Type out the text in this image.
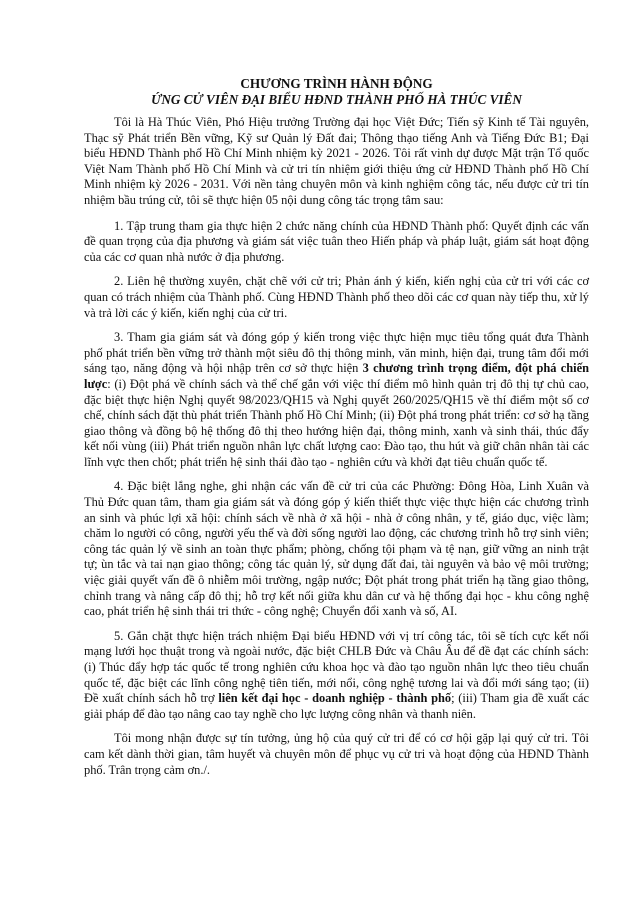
CHƯƠNG TRÌNH HÀNH ĐỘNG
ỨNG CỬ VIÊN ĐẠI BIỂU HĐND THÀNH PHỐ HÀ THÚC VIÊN

Tôi là Hà Thúc Viên, Phó Hiệu trưởng Trường đại học Việt Đức; Tiến sỹ Kinh tế Tài nguyên, Thạc sỹ Phát triển Bền vững, Kỹ sư Quản lý Đất đai; Thông thạo tiếng Anh và Tiếng Đức B1; Đại biểu HĐND Thành phố Hồ Chí Minh nhiệm kỳ 2021 - 2026. Tôi rất vinh dự được Mặt trận Tổ quốc Việt Nam Thành phố Hồ Chí Minh và cử tri tín nhiệm giới thiệu ứng cử HĐND Thành phố Hồ Chí Minh nhiệm kỳ 2026 - 2031. Với nền tảng chuyên môn và kinh nghiệm công tác, nếu được cử tri tín nhiệm bầu trúng cử, tôi sẽ thực hiện 05 nội dung công tác trọng tâm sau:

1. Tập trung tham gia thực hiện 2 chức năng chính của HĐND Thành phố: Quyết định các vấn đề quan trọng của địa phương và giám sát việc tuân theo Hiến pháp và pháp luật, giám sát hoạt động của các cơ quan nhà nước ở địa phương.

2. Liên hệ thường xuyên, chặt chẽ với cử tri; Phản ánh ý kiến, kiến nghị của cử tri với các cơ quan có trách nhiệm của Thành phố. Cùng HĐND Thành phố theo dõi các cơ quan này tiếp thu, xử lý và trả lời các ý kiến, kiến nghị của cử tri.

3. Tham gia giám sát và đóng góp ý kiến trong việc thực hiện mục tiêu tổng quát đưa Thành phố phát triển bền vững trở thành một siêu đô thị thông minh, văn minh, hiện đại, trung tâm đổi mới sáng tạo, năng động và hội nhập trên cơ sở thực hiện 3 chương trình trọng điểm, đột phá chiến lược: (i) Đột phá về chính sách và thể chế gắn với việc thí điểm mô hình quản trị đô thị tự chủ cao, đặc biệt thực hiện Nghị quyết 98/2023/QH15 và Nghị quyết 260/2025/QH15 về thí điểm một số cơ chế, chính sách đặt thù phát triển Thành phố Hồ Chí Minh; (ii) Đột phá trong phát triển: cơ sở hạ tầng giao thông và đồng bộ hệ thống đô thị theo hướng hiện đại, thông minh, xanh và sinh thái, thúc đẩy kết nối vùng (iii) Phát triển nguồn nhân lực chất lượng cao: Đào tạo, thu hút và giữ chân nhân tài các lĩnh vực then chốt; phát triển hệ sinh thái đào tạo - nghiên cứu và khởi đạt tiêu chuẩn quốc tế.

4. Đặc biệt lắng nghe, ghi nhận các vấn đề cử tri của các Phường: Đông Hòa, Linh Xuân và Thủ Đức quan tâm, tham gia giám sát và đóng góp ý kiến thiết thực việc thực hiện các chương trình an sinh và phúc lợi xã hội: chính sách về nhà ở xã hội - nhà ở công nhân, y tế, giáo dục, việc làm; chăm lo người có công, người yếu thế và đời sống người lao động, các chương trình hỗ trợ sinh viên; công tác quản lý về sinh an toàn thực phẩm; phòng, chống tội phạm và tệ nạn, giữ vững an ninh trật tự; ùn tắc và tai nạn giao thông; công tác quản lý, sử dụng đất đai, tài nguyên và bảo vệ môi trường; việc giải quyết vấn đề ô nhiễm môi trường, ngập nước; Đột phát trong phát triển hạ tầng giao thông, chỉnh trang và nâng cấp đô thị; hỗ trợ kết nối giữa khu dân cư và hệ thống đại học - khu công nghệ cao, phát triển hệ sinh thái tri thức - công nghệ; Chuyển đổi xanh và số, AI.

5. Gắn chặt thực hiện trách nhiệm Đại biểu HĐND với vị trí công tác, tôi sẽ tích cực kết nối mạng lưới học thuật trong và ngoài nước, đặc biệt CHLB Đức và Châu Âu để đề đạt các chính sách: (i) Thúc đẩy hợp tác quốc tế trong nghiên cứu khoa học và đào tạo nguồn nhân lực theo tiêu chuẩn quốc tế, đặc biệt các lĩnh công nghệ tiên tiến, mới nổi, công nghệ tương lai và đổi mới sáng tạo; (ii) Đề xuất chính sách hỗ trợ liên kết đại học - doanh nghiệp - thành phố; (iii) Tham gia đề xuất các giải pháp để đào tạo nâng cao tay nghề cho lực lượng công nhân và thanh niên.

Tôi mong nhận được sự tín tưởng, ủng hộ của quý cử tri để có cơ hội gặp lại quý cử tri. Tôi cam kết dành thời gian, tâm huyết và chuyên môn để phục vụ cử tri và hoạt động của HĐND Thành phố. Trân trọng cảm ơn./.
